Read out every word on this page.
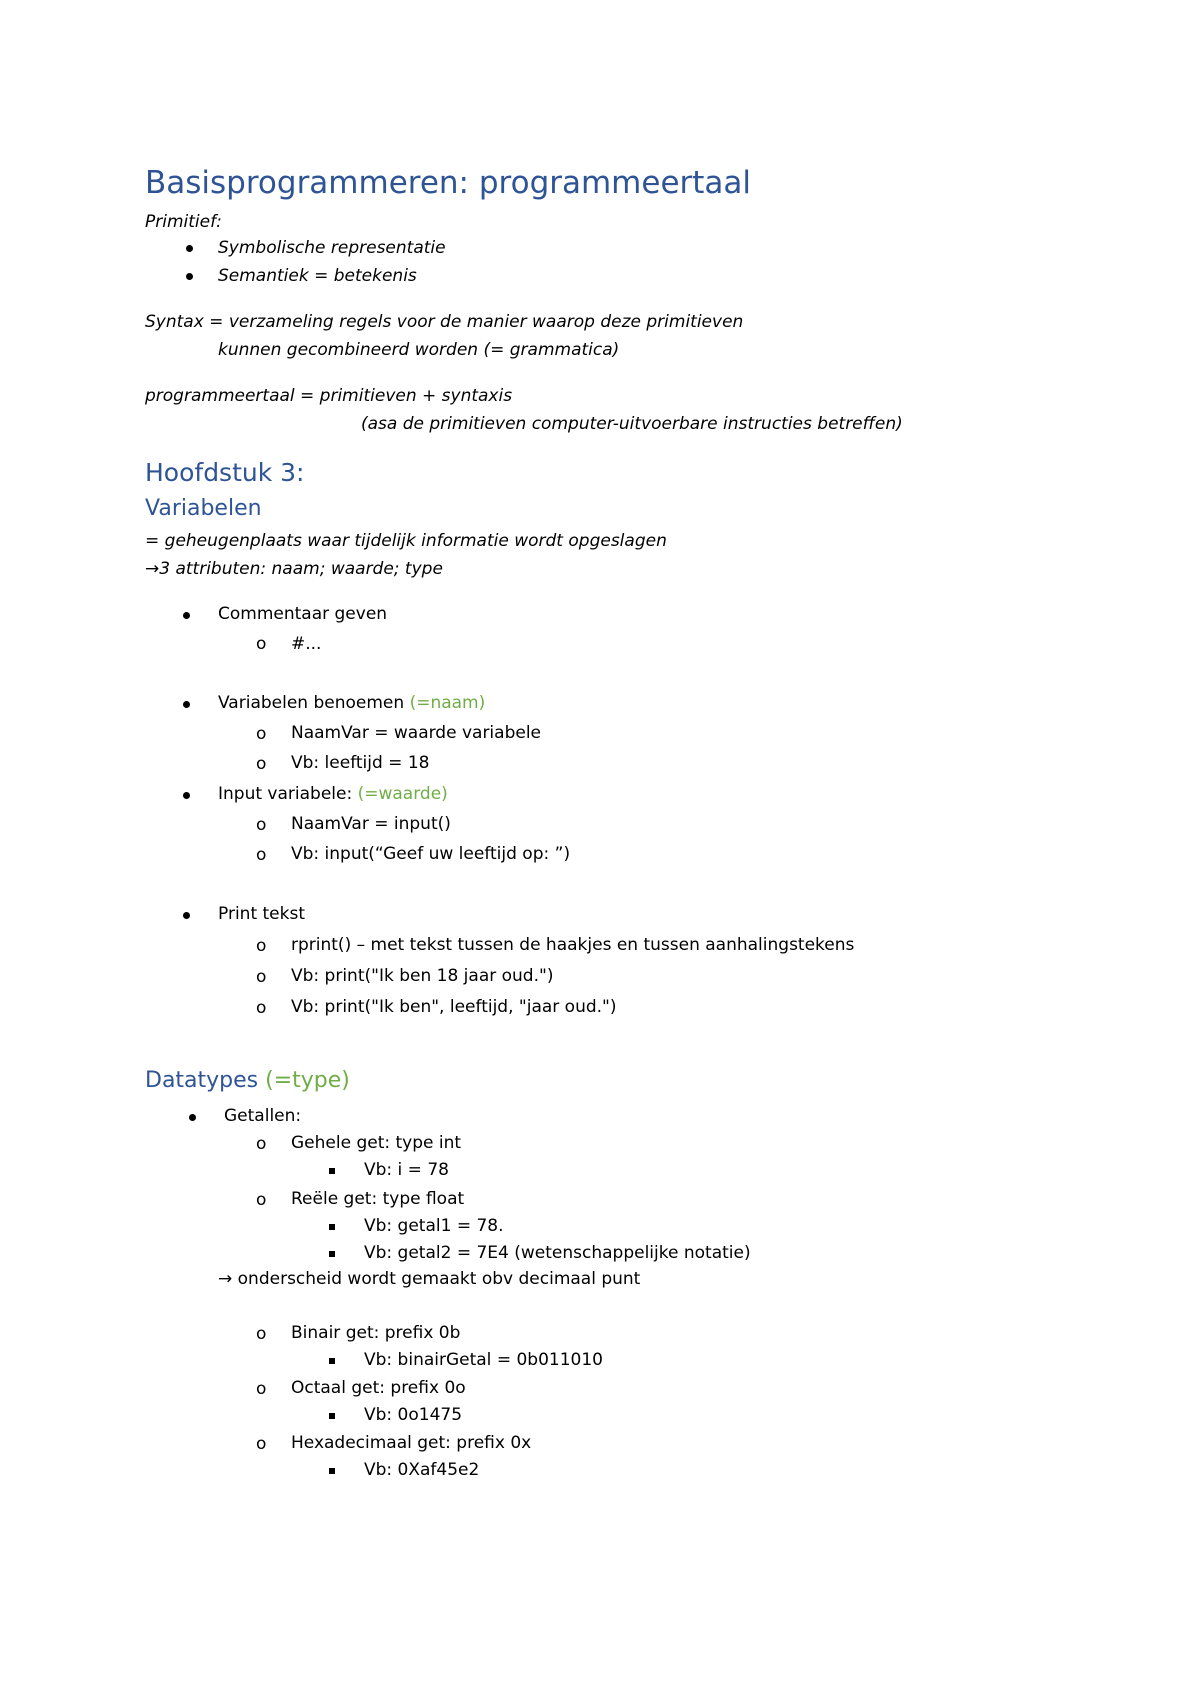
Basisprogrammeren: programmeertaal
Primitief:
Symbolische representatie
Semantiek = betekenis
Syntax = verzameling regels voor de manier waarop deze primitieven
kunnen gecombineerd worden (= grammatica)
programmeertaal = primitieven + syntaxis
(asa de primitieven computer-uitvoerbare instructies betreffen)
Hoofdstuk 3:
Variabelen
= geheugenplaats waar tijdelijk informatie wordt opgeslagen
→3 attributen: naam; waarde; type
Commentaar geven
o #...
Variabelen benoemen (=naam)
o NaamVar = waarde variabele
o Vb: leeftijd = 18
Input variabele: (=waarde)
o NaamVar = input()
o Vb: input(“Geef uw leeftijd op: ”)
Print tekst
o rprint() – met tekst tussen de haakjes en tussen aanhalingstekens
o Vb: print("Ik ben 18 jaar oud.")
o Vb: print("Ik ben", leeftijd, "jaar oud.")
Datatypes (=type)
Getallen:
o Gehele get: type int
Vb: i = 78
o Reële get: type float
Vb: getal1 = 78.
Vb: getal2 = 7E4 (wetenschappelijke notatie)
→ onderscheid wordt gemaakt obv decimaal punt
o Binair get: prefix 0b
Vb: binairGetal = 0b011010
o Octaal get: prefix 0o
Vb: 0o1475
o Hexadecimaal get: prefix 0x
Vb: 0Xaf45e2
